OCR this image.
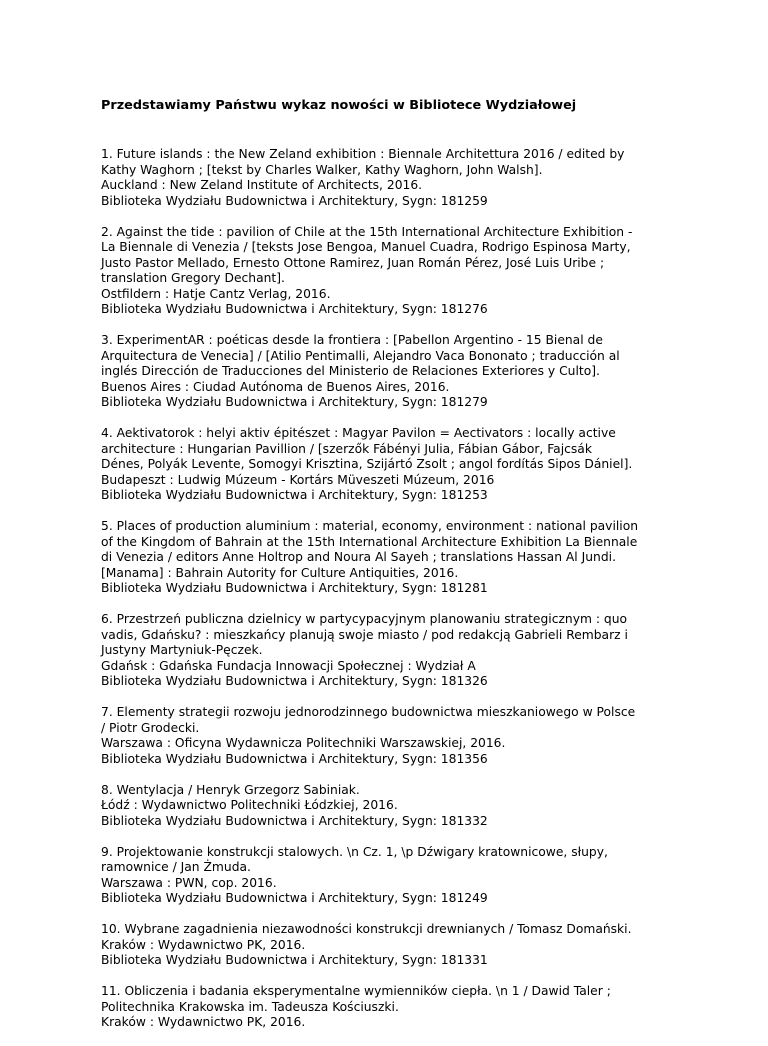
Przedstawiamy Państwu wykaz nowości w Bibliotece Wydziałowej
1. Future islands : the New Zeland exhibition : Biennale Architettura 2016 / edited by
Kathy Waghorn ; [tekst by Charles Walker, Kathy Waghorn, John Walsh].
Auckland : New Zeland Institute of Architects, 2016.
Biblioteka Wydziału Budownictwa i Architektury, Sygn: 181259
2. Against the tide : pavilion of Chile at the 15th International Architecture Exhibition -
La Biennale di Venezia / [teksts Jose Bengoa, Manuel Cuadra, Rodrigo Espinosa Marty,
Justo Pastor Mellado, Ernesto Ottone Ramirez, Juan Román Pérez, José Luis Uribe ;
translation Gregory Dechant].
Ostfildern : Hatje Cantz Verlag, 2016.
Biblioteka Wydziału Budownictwa i Architektury, Sygn: 181276
3. ExperimentAR : poéticas desde la frontiera : [Pabellon Argentino - 15 Bienal de
Arquitectura de Venecia] / [Atilio Pentimalli, Alejandro Vaca Bononato ; traducción al
inglés Dirección de Traducciones del Ministerio de Relaciones Exteriores y Culto].
Buenos Aires : Ciudad Autónoma de Buenos Aires, 2016.
Biblioteka Wydziału Budownictwa i Architektury, Sygn: 181279
4. Aektivatorok : helyi aktiv épitészet : Magyar Pavilon = Aectivators : locally active
architecture : Hungarian Pavillion / [szerzők Fábényi Julia, Fábian Gábor, Fajcsák
Dénes, Polyák Levente, Somogyi Krisztina, Szijártó Zsolt ; angol fordítás Sipos Dániel].
Budapeszt : Ludwig Múzeum - Kortárs Müveszeti Múzeum, 2016
Biblioteka Wydziału Budownictwa i Architektury, Sygn: 181253
5. Places of production aluminium : material, economy, environment : national pavilion
of the Kingdom of Bahrain at the 15th International Architecture Exhibition La Biennale
di Venezia / editors Anne Holtrop and Noura Al Sayeh ; translations Hassan Al Jundi.
[Manama] : Bahrain Autority for Culture Antiquities, 2016.
Biblioteka Wydziału Budownictwa i Architektury, Sygn: 181281
6. Przestrzeń publiczna dzielnicy w partycypacyjnym planowaniu strategicznym : quo
vadis, Gdańsku? : mieszkańcy planują swoje miasto / pod redakcją Gabrieli Rembarz i
Justyny Martyniuk-Pęczek.
Gdańsk : Gdańska Fundacja Innowacji Społecznej : Wydział A
Biblioteka Wydziału Budownictwa i Architektury, Sygn: 181326
7. Elementy strategii rozwoju jednorodzinnego budownictwa mieszkaniowego w Polsce
/ Piotr Grodecki.
Warszawa : Oficyna Wydawnicza Politechniki Warszawskiej, 2016.
Biblioteka Wydziału Budownictwa i Architektury, Sygn: 181356
8. Wentylacja / Henryk Grzegorz Sabiniak.
Łódź : Wydawnictwo Politechniki Łódzkiej, 2016.
Biblioteka Wydziału Budownictwa i Architektury, Sygn: 181332
9. Projektowanie konstrukcji stalowych. \n Cz. 1, \p Dźwigary kratownicowe, słupy,
ramownice / Jan Żmuda.
Warszawa : PWN, cop. 2016.
Biblioteka Wydziału Budownictwa i Architektury, Sygn: 181249
10. Wybrane zagadnienia niezawodności konstrukcji drewnianych / Tomasz Domański.
Kraków : Wydawnictwo PK, 2016.
Biblioteka Wydziału Budownictwa i Architektury, Sygn: 181331
11. Obliczenia i badania eksperymentalne wymienników ciepła. \n 1 / Dawid Taler ;
Politechnika Krakowska im. Tadeusza Kościuszki.
Kraków : Wydawnictwo PK, 2016.
